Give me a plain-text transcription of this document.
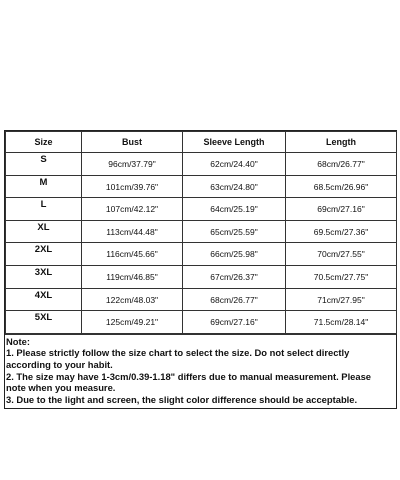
Size	Bust	Sleeve Length	Length
S	96cm/37.79"	62cm/24.40"	68cm/26.77"
M	101cm/39.76"	63cm/24.80"	68.5cm/26.96"
L	107cm/42.12"	64cm/25.19"	69cm/27.16"
XL	113cm/44.48"	65cm/25.59"	69.5cm/27.36"
2XL	116cm/45.66"	66cm/25.98"	70cm/27.55"
3XL	119cm/46.85"	67cm/26.37"	70.5cm/27.75"
4XL	122cm/48.03"	68cm/26.77"	71cm/27.95"
5XL	125cm/49.21"	69cm/27.16"	71.5cm/28.14"

Note:

1. Please strictly follow the size chart to select the size. Do not select directly according to your habit.

2. The size may have 1-3cm/0.39-1.18" differs due to manual measurement. Please note when you measure.

3. Due to the light and screen, the slight color difference should be acceptable.
